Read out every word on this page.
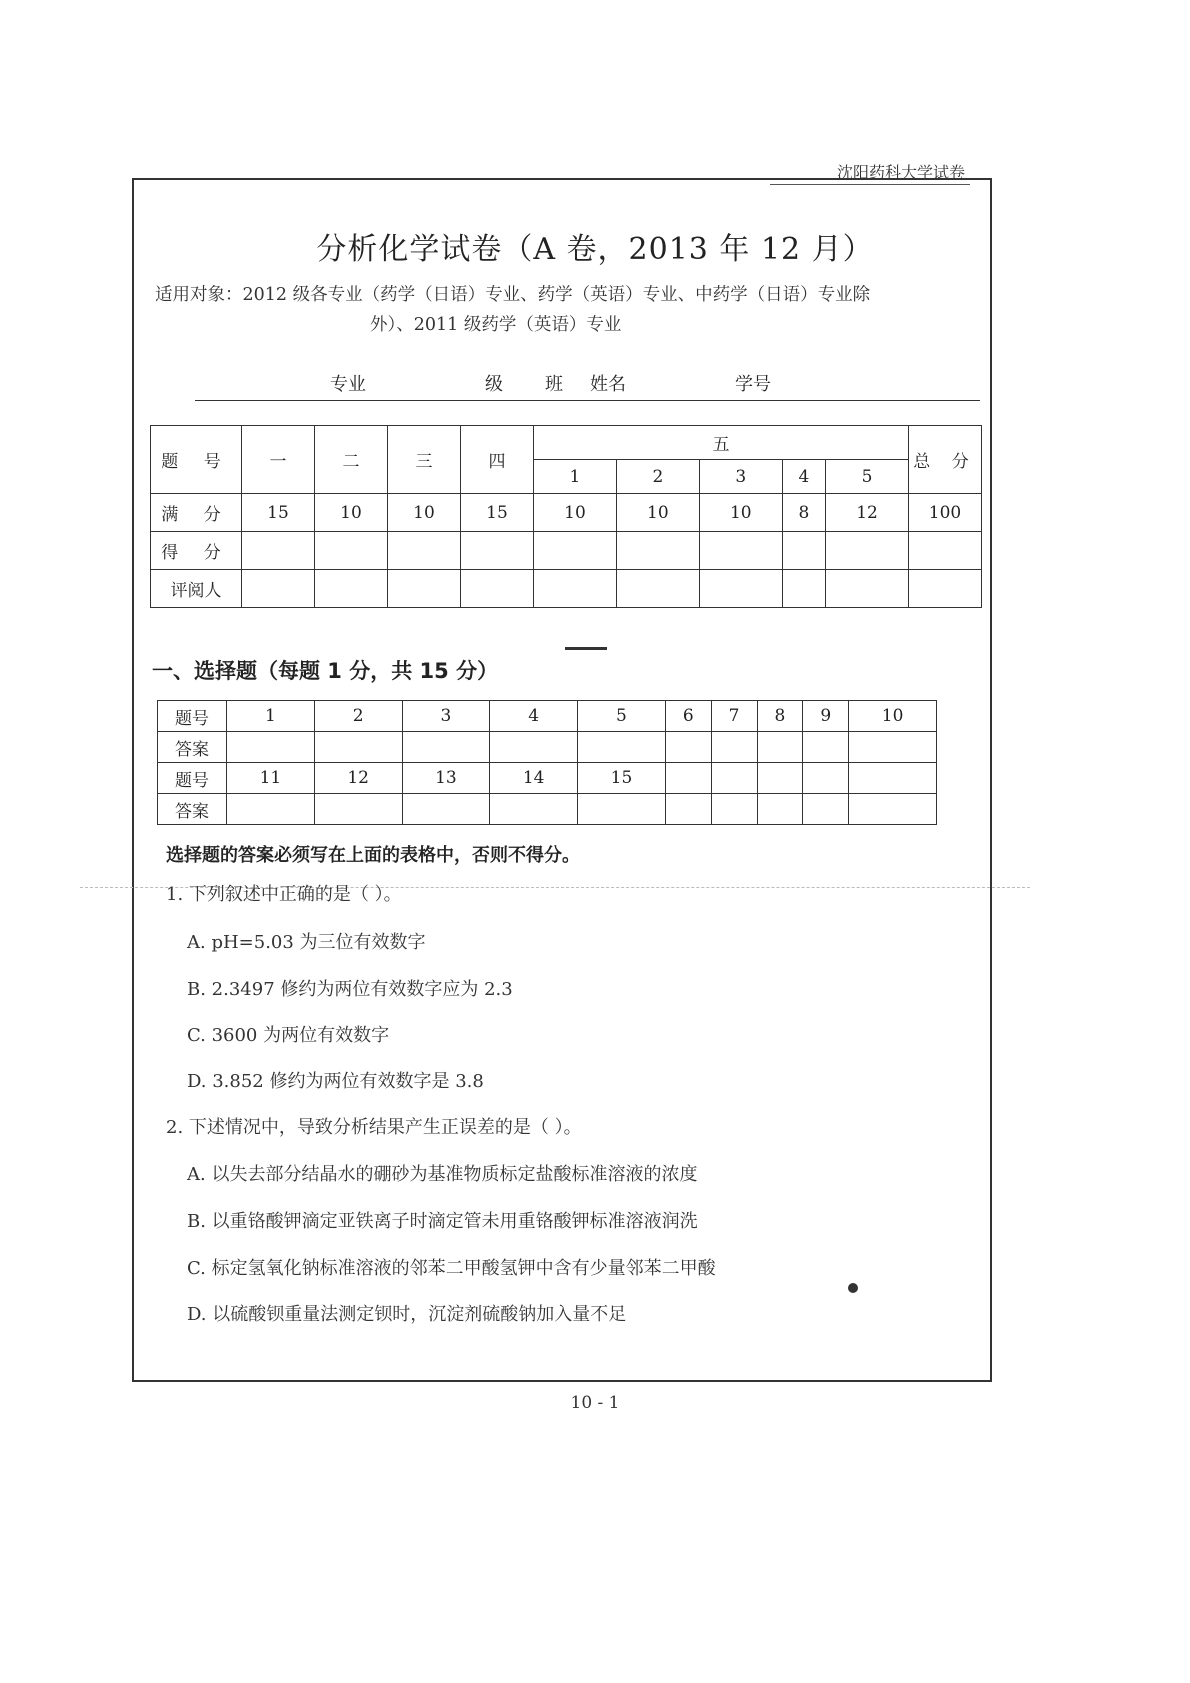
沈阳药科大学试卷
分析化学试卷（A 卷，2013 年 12 月）
适用对象：2012 级各专业（药学（日语）专业、药学（英语）专业、中药学（日语）专业除
外）、2011 级药学（英语）专业
专业	级 班 姓名	学号
题 号	一	二	三	四	五					总 分
					1	2	3	4	5	
满 分	15	10	10	15	10	10	10	8	12	100
得 分										
评阅人										
一、选择题（每题 1 分，共 15 分）
题号	1	2	3	4	5	6	7	8	9	10
答案										
题号	11	12	13	14	15					
答案										
选择题的答案必须写在上面的表格中，否则不得分。
1. 下列叙述中正确的是（ ）。
A. pH=5.03 为三位有效数字
B. 2.3497 修约为两位有效数字应为 2.3
C. 3600 为两位有效数字
D. 3.852 修约为两位有效数字是 3.8
2. 下述情况中，导致分析结果产生正误差的是（ ）。
A. 以失去部分结晶水的硼砂为基准物质标定盐酸标准溶液的浓度
B. 以重铬酸钾滴定亚铁离子时滴定管未用重铬酸钾标准溶液润洗
C. 标定氢氧化钠标准溶液的邻苯二甲酸氢钾中含有少量邻苯二甲酸
D. 以硫酸钡重量法测定钡时，沉淀剂硫酸钠加入量不足
10 - 1
